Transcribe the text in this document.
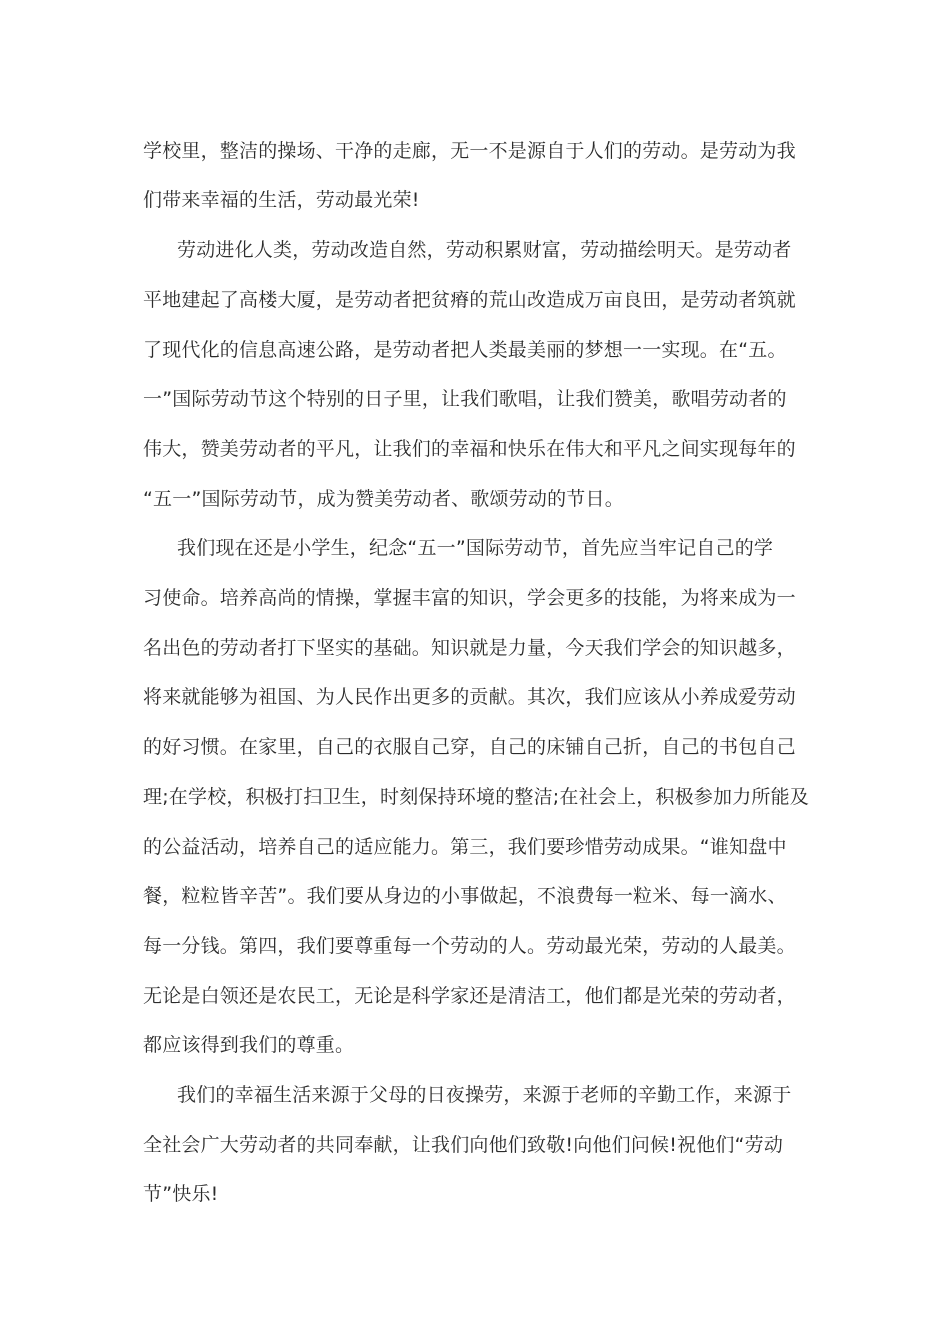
学校里，整洁的操场、干净的走廊，无一不是源自于人们的劳动。是劳动为我
们带来幸福的生活，劳动最光荣!
劳动进化人类，劳动改造自然，劳动积累财富，劳动描绘明天。是劳动者
平地建起了高楼大厦，是劳动者把贫瘠的荒山改造成万亩良田，是劳动者筑就
了现代化的信息高速公路，是劳动者把人类最美丽的梦想一一实现。在“五。
一”国际劳动节这个特别的日子里，让我们歌唱，让我们赞美，歌唱劳动者的
伟大，赞美劳动者的平凡，让我们的幸福和快乐在伟大和平凡之间实现每年的
“五一”国际劳动节，成为赞美劳动者、歌颂劳动的节日。
我们现在还是小学生，纪念“五一”国际劳动节，首先应当牢记自己的学
习使命。培养高尚的情操，掌握丰富的知识，学会更多的技能，为将来成为一
名出色的劳动者打下坚实的基础。知识就是力量，今天我们学会的知识越多，
将来就能够为祖国、为人民作出更多的贡献。其次，我们应该从小养成爱劳动
的好习惯。在家里，自己的衣服自己穿，自己的床铺自己折，自己的书包自己
理;在学校，积极打扫卫生，时刻保持环境的整洁;在社会上，积极参加力所能及
的公益活动，培养自己的适应能力。第三，我们要珍惜劳动成果。“谁知盘中
餐，粒粒皆辛苦”。我们要从身边的小事做起，不浪费每一粒米、每一滴水、
每一分钱。第四，我们要尊重每一个劳动的人。劳动最光荣，劳动的人最美。
无论是白领还是农民工，无论是科学家还是清洁工，他们都是光荣的劳动者，
都应该得到我们的尊重。
我们的幸福生活来源于父母的日夜操劳，来源于老师的辛勤工作，来源于
全社会广大劳动者的共同奉献，让我们向他们致敬!向他们问候!祝他们“劳动
节”快乐!
